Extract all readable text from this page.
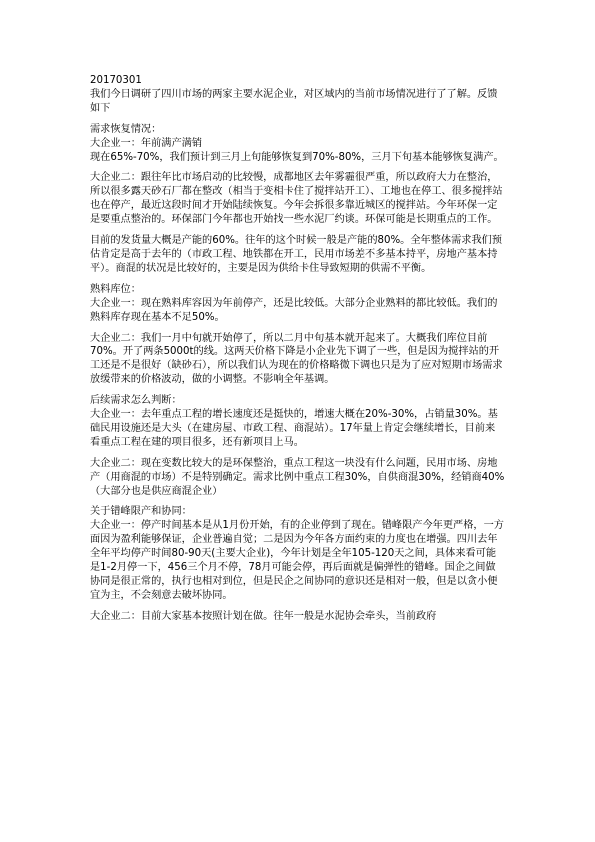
20170301

我们今日调研了四川市场的两家主要水泥企业，对区域内的当前市场情况进行了了解。反馈如下

需求恢复情况：

大企业一：年前满产满销

现在65%-70%，我们预计到三月上旬能够恢复到70%-80%，三月下旬基本能够恢复满产。

大企业二：跟往年比市场启动的比较慢，成都地区去年雾霾很严重，所以政府大力在整治，所以很多露天砂石厂都在整改（相当于变相卡住了搅拌站开工）、工地也在停工、很多搅拌站也在停产，最近这段时间才开始陆续恢复。今年会拆很多靠近城区的搅拌站。今年环保一定是要重点整治的。环保部门今年都也开始找一些水泥厂约谈。环保可能是长期重点的工作。

目前的发货量大概是产能的60%。往年的这个时候一般是产能的80%。全年整体需求我们预估肯定是高于去年的（市政工程、地铁都在开工，民用市场差不多基本持平，房地产基本持平）。商混的状况是比较好的，主要是因为供给卡住导致短期的供需不平衡。

熟料库位：

大企业一：现在熟料库容因为年前停产，还是比较低。大部分企业熟料的都比较低。我们的熟料库存现在基本不足50%。

大企业二：我们一月中旬就开始停了，所以二月中旬基本就开起来了。大概我们库位目前70%。开了两条5000t的线。这两天价格下降是小企业先下调了一些，但是因为搅拌站的开工还是不是很好（缺砂石），所以我们认为现在的价格略微下调也只是为了应对短期市场需求放缓带来的价格波动，做的小调整。不影响全年基调。

后续需求怎么判断：

大企业一：去年重点工程的增长速度还是挺快的，增速大概在20%-30%，占销量30%。基础民用设施还是大头（在建房屋、市政工程、商混站）。17年量上肯定会继续增长，目前来看重点工程在建的项目很多，还有新项目上马。

大企业二：现在变数比较大的是环保整治，重点工程这一块没有什么问题，民用市场、房地产（用商混的市场）不是特别确定。需求比例中重点工程30%，自供商混30%，经销商40%（大部分也是供应商混企业）

关于错峰限产和协同：

大企业一：停产时间基本是从1月份开始，有的企业停到了现在。错峰限产今年更严格，一方面因为盈利能够保证，企业普遍自觉；二是因为今年各方面约束的力度也在增强。四川去年全年平均停产时间80-90天(主要大企业)，今年计划是全年105-120天之间，具体来看可能是1-2月停一下，456三个月不停，78月可能会停，再后面就是偏弹性的错峰。国企之间做协同是很正常的，执行也相对到位，但是民企之间协同的意识还是相对一般，但是以贪小便宜为主，不会刻意去破坏协同。

大企业二：目前大家基本按照计划在做。往年一般是水泥协会牵头，当前政府
